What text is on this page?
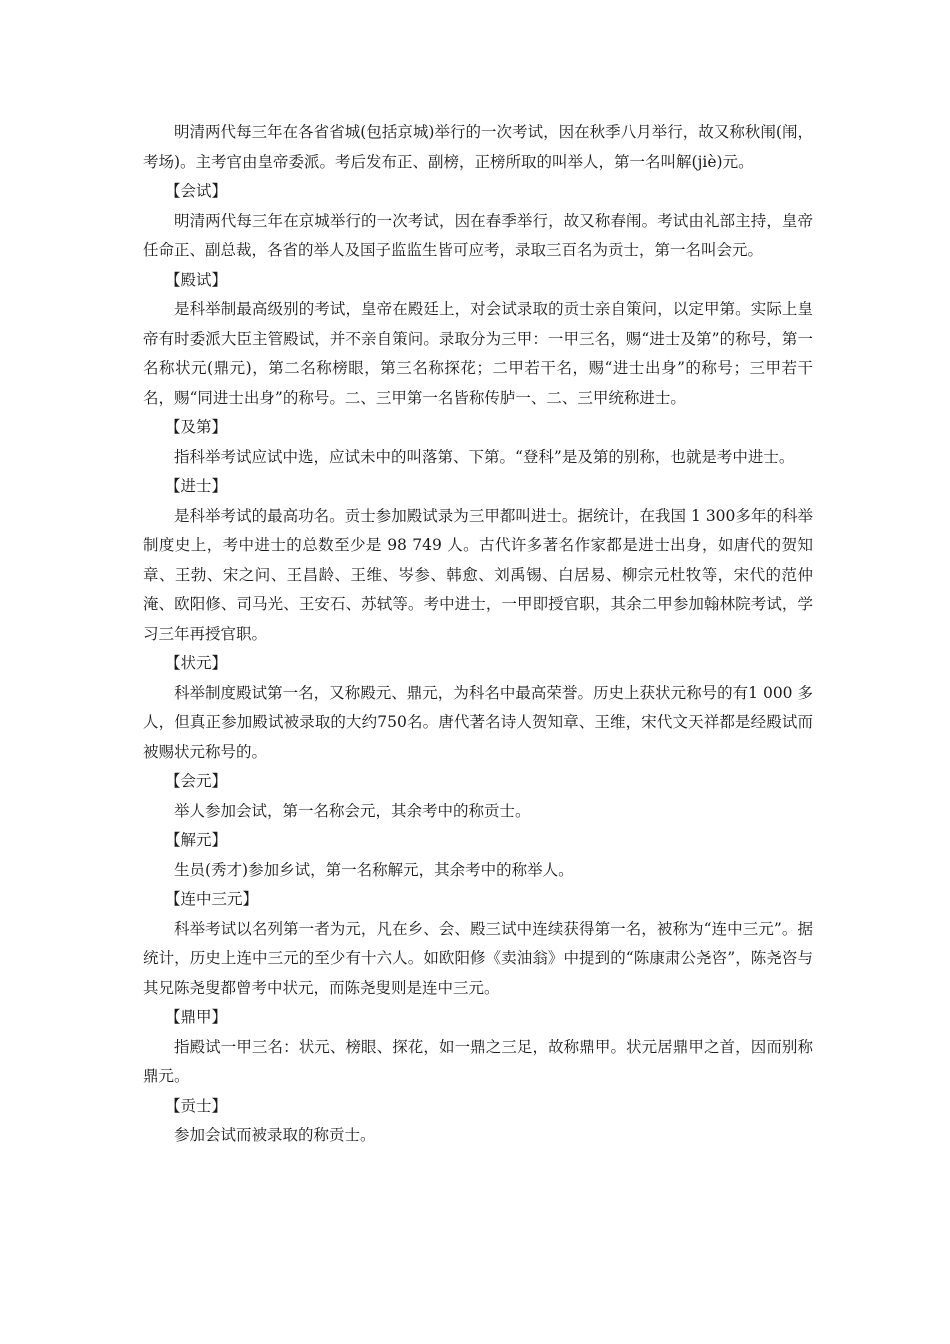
明清两代每三年在各省省城(包括京城)举行的一次考试，因在秋季八月举行，故又称秋闱(闱，考场)。主考官由皇帝委派。考后发布正、副榜，正榜所取的叫举人，第一名叫解(jiè)元。

【会试】

明清两代每三年在京城举行的一次考试，因在春季举行，故又称春闱。考试由礼部主持，皇帝任命正、副总裁，各省的举人及国子监监生皆可应考，录取三百名为贡士，第一名叫会元。

【殿试】

是科举制最高级别的考试，皇帝在殿廷上，对会试录取的贡士亲自策问，以定甲第。实际上皇帝有时委派大臣主管殿试，并不亲自策问。录取分为三甲：一甲三名，赐“进士及第”的称号，第一名称状元(鼎元)，第二名称榜眼，第三名称探花；二甲若干名，赐“进士出身”的称号；三甲若干名，赐“同进士出身”的称号。二、三甲第一名皆称传胪一、二、三甲统称进士。

【及第】

指科举考试应试中选，应试未中的叫落第、下第。“登科”是及第的别称，也就是考中进士。

【进士】

是科举考试的最高功名。贡士参加殿试录为三甲都叫进士。据统计，在我国 1 300多年的科举制度史上，考中进士的总数至少是 98 749 人。古代许多著名作家都是进士出身，如唐代的贺知章、王勃、宋之问、王昌龄、王维、岑参、韩愈、刘禹锡、白居易、柳宗元杜牧等，宋代的范仲淹、欧阳修、司马光、王安石、苏轼等。考中进士，一甲即授官职，其余二甲参加翰林院考试，学习三年再授官职。

【状元】

科举制度殿试第一名，又称殿元、鼎元，为科名中最高荣誉。历史上获状元称号的有1 000 多人，但真正参加殿试被录取的大约750名。唐代著名诗人贺知章、王维，宋代文天祥都是经殿试而被赐状元称号的。

【会元】

举人参加会试，第一名称会元，其余考中的称贡士。

【解元】

生员(秀才)参加乡试，第一名称解元，其余考中的称举人。

【连中三元】

科举考试以名列第一者为元，凡在乡、会、殿三试中连续获得第一名，被称为“连中三元”。据统计，历史上连中三元的至少有十六人。如欧阳修《卖油翁》中提到的“陈康肃公尧咨”，陈尧咨与其兄陈尧叟都曾考中状元，而陈尧叟则是连中三元。

【鼎甲】

指殿试一甲三名：状元、榜眼、探花，如一鼎之三足，故称鼎甲。状元居鼎甲之首，因而别称鼎元。

【贡士】

参加会试而被录取的称贡士。
